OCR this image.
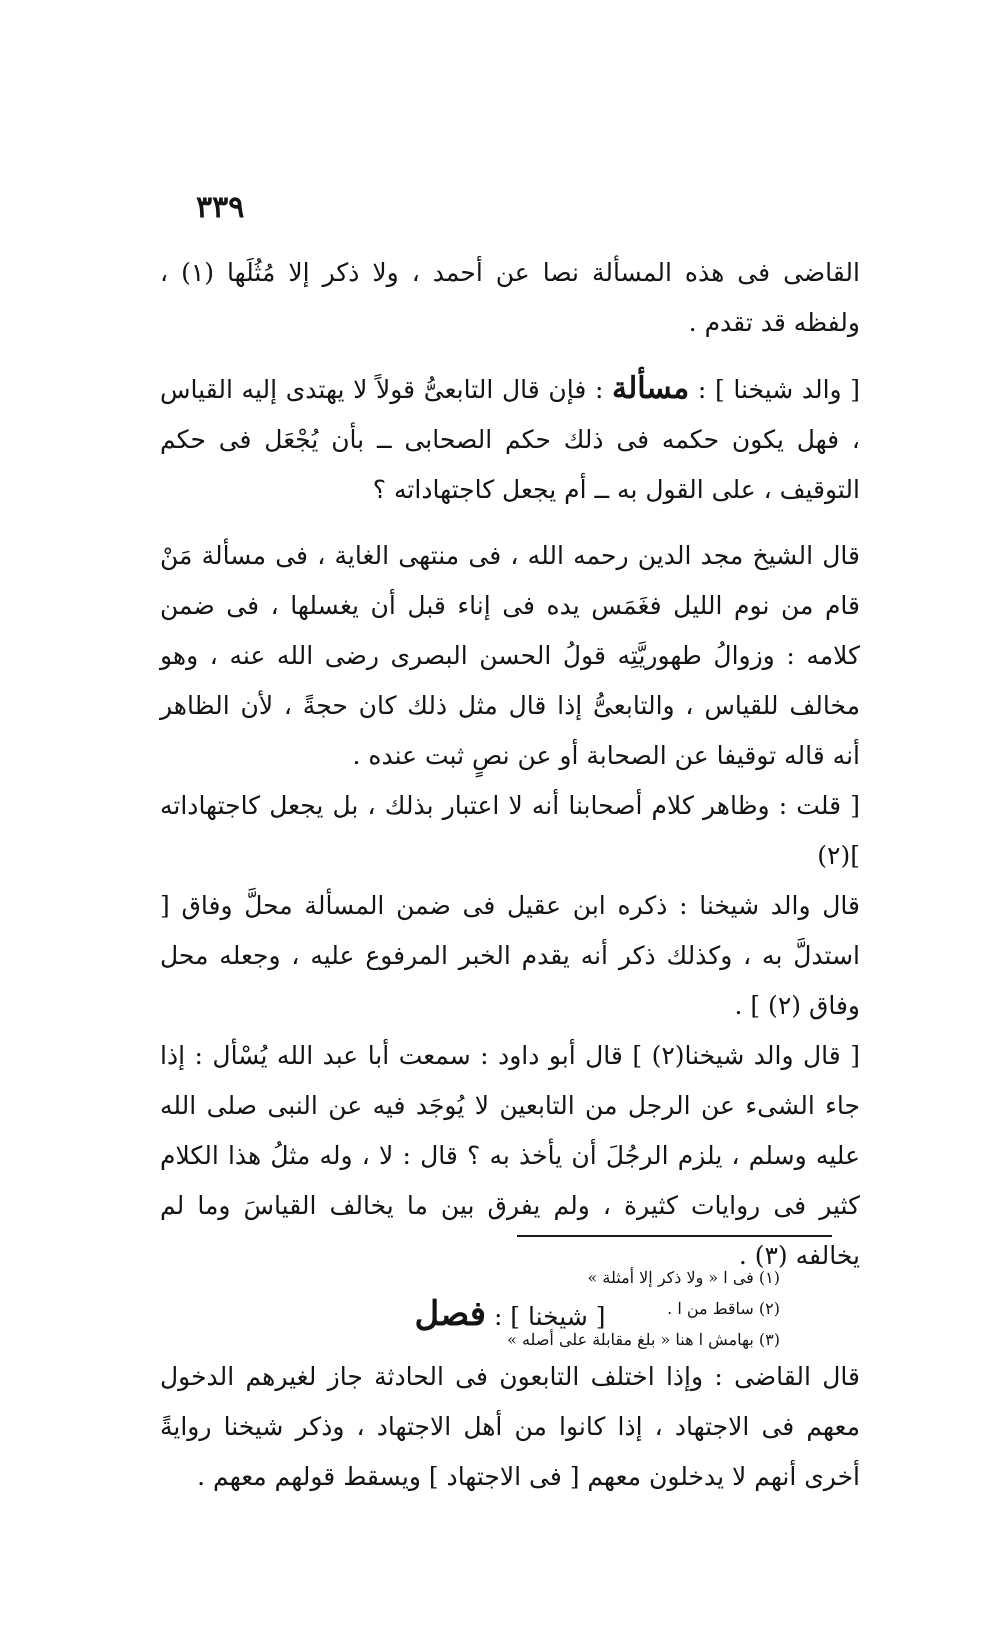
٣٣٩

القاضى فى هذه المسألة نصا عن أحمد ، ولا ذكر إلا مُثُلَها (١) ، ولفظه قد تقدم .

[ والد شيخنا ] : مسألة : فإن قال التابعىُّ قولاً لا يهتدى إليه القياس ، فهل يكون حكمه فى ذلك حكم الصحابى ــ بأن يُجْعَل فى حكم التوقيف ، على القول به ــ أم يجعل كاجتهاداته ؟

قال الشيخ مجد الدين رحمه الله ، فى منتهى الغاية ، فى مسألة مَنْ قام من نوم الليل فغَمَس يده فى إناء قبل أن يغسلها ، فى ضمن كلامه : وزوالُ طهوريَّتِه قولُ الحسن البصرى رضى الله عنه ، وهو مخالف للقياس ، والتابعىُّ إذا قال مثل ذلك كان حجةً ، لأن الظاهر أنه قاله توقيفا عن الصحابة أو عن نصٍ ثبت عنده .

[ قلت : وظاهر كلام أصحابنا أنه لا اعتبار بذلك ، بل يجعل كاجتهاداته ](٢)

قال والد شيخنا : ذكره ابن عقيل فى ضمن المسألة محلَّ وفاق [ استدلَّ به ، وكذلك ذكر أنه يقدم الخبر المرفوع عليه ، وجعله محل وفاق (٢) ] .

[ قال والد شيخنا(٢) ] قال أبو داود : سمعت أبا عبد الله يُسْأل : إذا جاء الشىء عن الرجل من التابعين لا يُوجَد فيه عن النبى صلى الله عليه وسلم ، يلزم الرجُلَ أن يأخذ به ؟ قال : لا ، وله مثلُ هذا الكلام كثير فى روايات كثيرة ، ولم يفرق بين ما يخالف القياسَ وما لم يخالفه (٣) .

[ شيخنا ] : فصل

قال القاضى : وإذا اختلف التابعون فى الحادثة جاز لغيرهم الدخول معهم فى الاجتهاد ، إذا كانوا من أهل الاجتهاد ، وذكر شيخنا روايةً أخرى أنهم لا يدخلون معهم [ فى الاجتهاد ] ويسقط قولهم معهم .

(١) فى ا « ولا ذكر إلا أمثلة »

(٢) ساقط من ا .

(٣) بهامش ا هنا « بلغ مقابلة على أصله »
